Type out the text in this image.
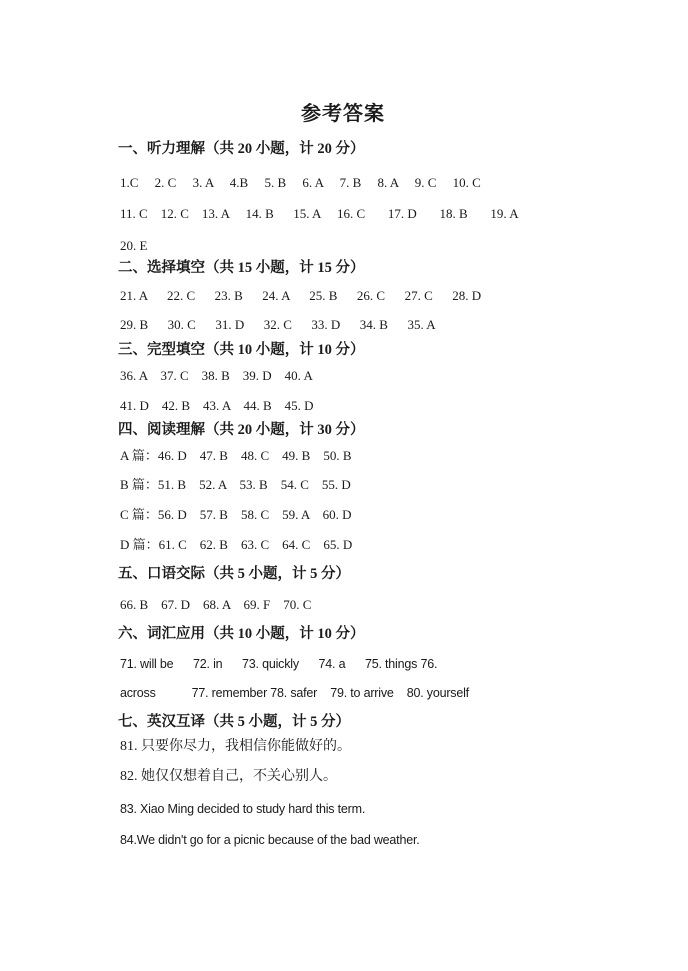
参考答案
一、听力理解（共 20 小题，计 20 分）
1.C     2. C     3. A     4.B     5. B     6. A     7. B     8. A     9. C     10. C
11. C    12. C    13. A     14. B      15. A     16. C       17. D       18. B       19. A
20. E
二、选择填空（共 15 小题，计 15 分）
21. A      22. C      23. B      24. A      25. B      26. C      27. C      28. D
29. B      30. C      31. D      32. C      33. D      34. B      35. A
三、完型填空（共 10 小题，计 10 分）
36. A    37. C    38. B    39. D    40. A
41. D    42. B    43. A    44. B    45. D
四、阅读理解（共 20 小题，计 30 分）
A 篇：46. D    47. B    48. C    49. B    50. B
B 篇：51. B    52. A    53. B    54. C    55. D
C 篇：56. D    57. B    58. C    59. A    60. D
D 篇：61. C    62. B    63. C    64. C    65. D
五、口语交际（共 5 小题，计 5 分）
66. B    67. D    68. A    69. F    70. C
六、词汇应用（共 10 小题，计 10 分）
71. will be      72. in      73. quickly      74. a      75. things 76.
across           77. remember 78. safer    79. to arrive    80. yourself
七、英汉互译（共 5 小题，计 5 分）
81. 只要你尽力，我相信你能做好的。
82. 她仅仅想着自己，不关心别人。
83. Xiao Ming decided to study hard this term.
84.We didn't go for a picnic because of the bad weather.
